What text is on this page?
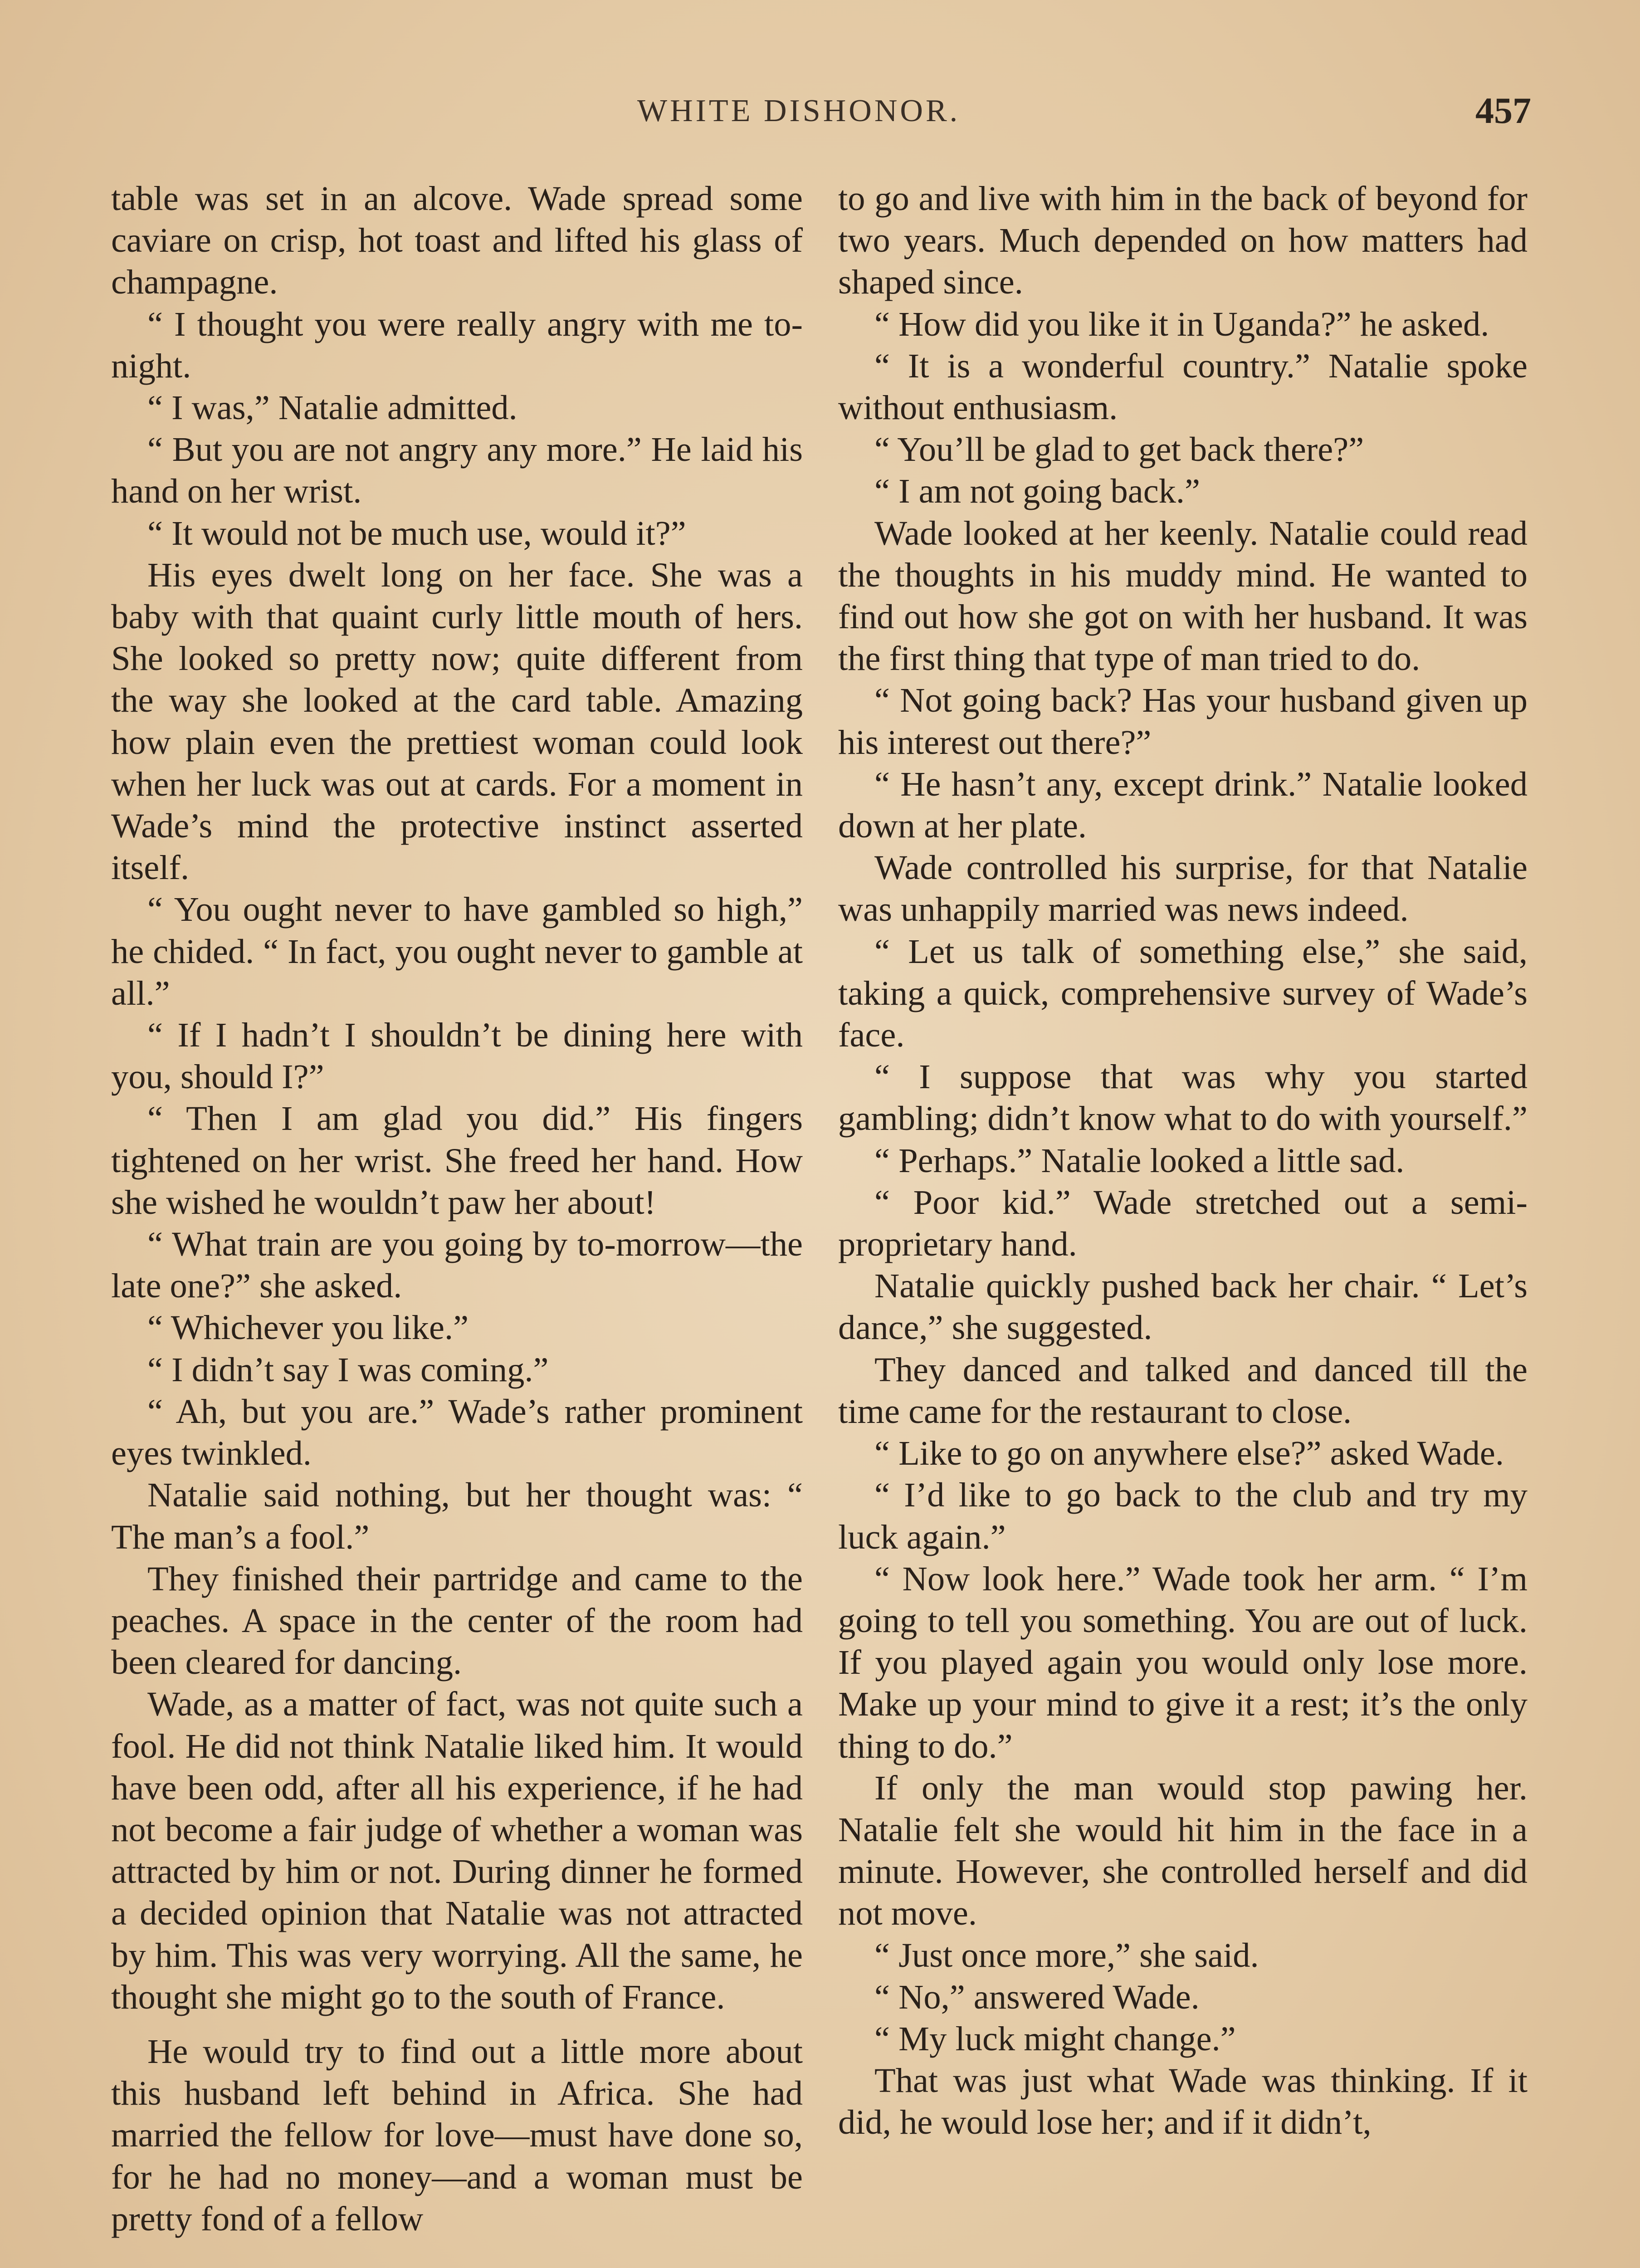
WHITE DISHONOR.	457

table was set in an alcove. Wade spread some caviare on crisp, hot toast and lifted his glass of champagne.

“ I thought you were really angry with me to-night.

“ I was,” Natalie admitted.

“ But you are not angry any more.” He laid his hand on her wrist.

“ It would not be much use, would it?”

His eyes dwelt long on her face. She was a baby with that quaint curly little mouth of hers. She looked so pretty now; quite different from the way she looked at the card table. Amazing how plain even the prettiest woman could look when her luck was out at cards. For a moment in Wade’s mind the protective instinct asserted itself.

“ You ought never to have gambled so high,” he chided. “ In fact, you ought never to gamble at all.”

“ If I hadn’t I shouldn’t be dining here with you, should I?”

“ Then I am glad you did.” His fingers tightened on her wrist. She freed her hand. How she wished he wouldn’t paw her about!

“ What train are you going by to-morrow—the late one?” she asked.

“ Whichever you like.”

“ I didn’t say I was coming.”

“ Ah, but you are.” Wade’s rather prominent eyes twinkled.

Natalie said nothing, but her thought was: “ The man’s a fool.”

They finished their partridge and came to the peaches. A space in the center of the room had been cleared for dancing.

Wade, as a matter of fact, was not quite such a fool. He did not think Natalie liked him. It would have been odd, after all his experience, if he had not become a fair judge of whether a woman was attracted by him or not. During dinner he formed a decided opinion that Natalie was not attracted by him. This was very worrying. All the same, he thought she might go to the south of France.

He would try to find out a little more about this husband left behind in Africa. She had married the fellow for love—must have done so, for he had no money—and a woman must be pretty fond of a fellow

to go and live with him in the back of beyond for two years. Much depended on how matters had shaped since.

“ How did you like it in Uganda?” he asked.

“ It is a wonderful country.” Natalie spoke without enthusiasm.

“ You’ll be glad to get back there?”

“ I am not going back.”

Wade looked at her keenly. Natalie could read the thoughts in his muddy mind. He wanted to find out how she got on with her husband. It was the first thing that type of man tried to do.

“ Not going back? Has your husband given up his interest out there?”

“ He hasn’t any, except drink.” Natalie looked down at her plate.

Wade controlled his surprise, for that Natalie was unhappily married was news indeed.

“ Let us talk of something else,” she said, taking a quick, comprehensive survey of Wade’s face.

“ I suppose that was why you started gambling; didn’t know what to do with yourself.”

“ Perhaps.” Natalie looked a little sad.

“ Poor kid.” Wade stretched out a semi-proprietary hand.

Natalie quickly pushed back her chair. “ Let’s dance,” she suggested.

They danced and talked and danced till the time came for the restaurant to close.

“ Like to go on anywhere else?” asked Wade.

“ I’d like to go back to the club and try my luck again.”

“ Now look here.” Wade took her arm. “ I’m going to tell you something. You are out of luck. If you played again you would only lose more. Make up your mind to give it a rest; it’s the only thing to do.”

If only the man would stop pawing her. Natalie felt she would hit him in the face in a minute. However, she controlled herself and did not move.

“ Just once more,” she said.

“ No,” answered Wade.

“ My luck might change.”

That was just what Wade was thinking. If it did, he would lose her; and if it didn’t,
